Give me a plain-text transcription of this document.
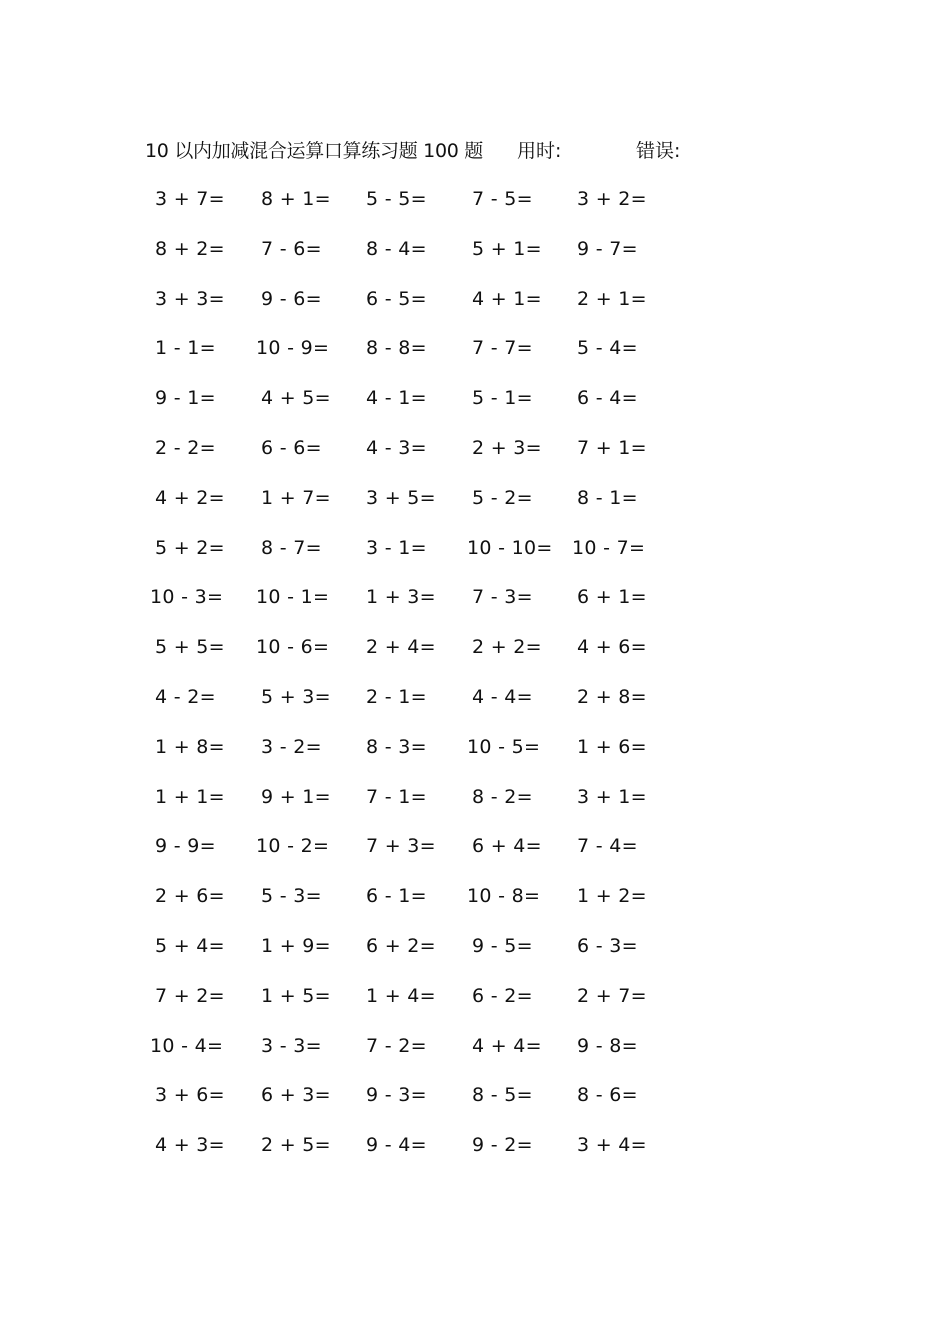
10 以内加减混合运算口算练习题 100 题 用时:	错误:
3 + 7= 8 + 1= 5 - 5= 7 - 5= 3 + 2=
8 + 2= 7 - 6= 8 - 4= 5 + 1= 9 - 7=
3 + 3= 9 - 6= 6 - 5= 4 + 1= 2 + 1=
1 - 1= 10 - 9= 8 - 8= 7 - 7= 5 - 4=
9 - 1= 4 + 5= 4 - 1= 5 - 1= 6 - 4=
2 - 2= 6 - 6= 4 - 3= 2 + 3= 7 + 1=
4 + 2= 1 + 7= 3 + 5= 5 - 2= 8 - 1=
5 + 2= 8 - 7= 3 - 1= 10 - 10= 10 - 7=
10 - 3= 10 - 1= 1 + 3= 7 - 3= 6 + 1=
5 + 5= 10 - 6= 2 + 4= 2 + 2= 4 + 6=
4 - 2= 5 + 3= 2 - 1= 4 - 4= 2 + 8=
1 + 8= 3 - 2= 8 - 3= 10 - 5= 1 + 6=
1 + 1= 9 + 1= 7 - 1= 8 - 2= 3 + 1=
9 - 9= 10 - 2= 7 + 3= 6 + 4= 7 - 4=
2 + 6= 5 - 3= 6 - 1= 10 - 8= 1 + 2=
5 + 4= 1 + 9= 6 + 2= 9 - 5= 6 - 3=
7 + 2= 1 + 5= 1 + 4= 6 - 2= 2 + 7=
10 - 4= 3 - 3= 7 - 2= 4 + 4= 9 - 8=
3 + 6= 6 + 3= 9 - 3= 8 - 5= 8 - 6=
4 + 3= 2 + 5= 9 - 4= 9 - 2= 3 + 4=
